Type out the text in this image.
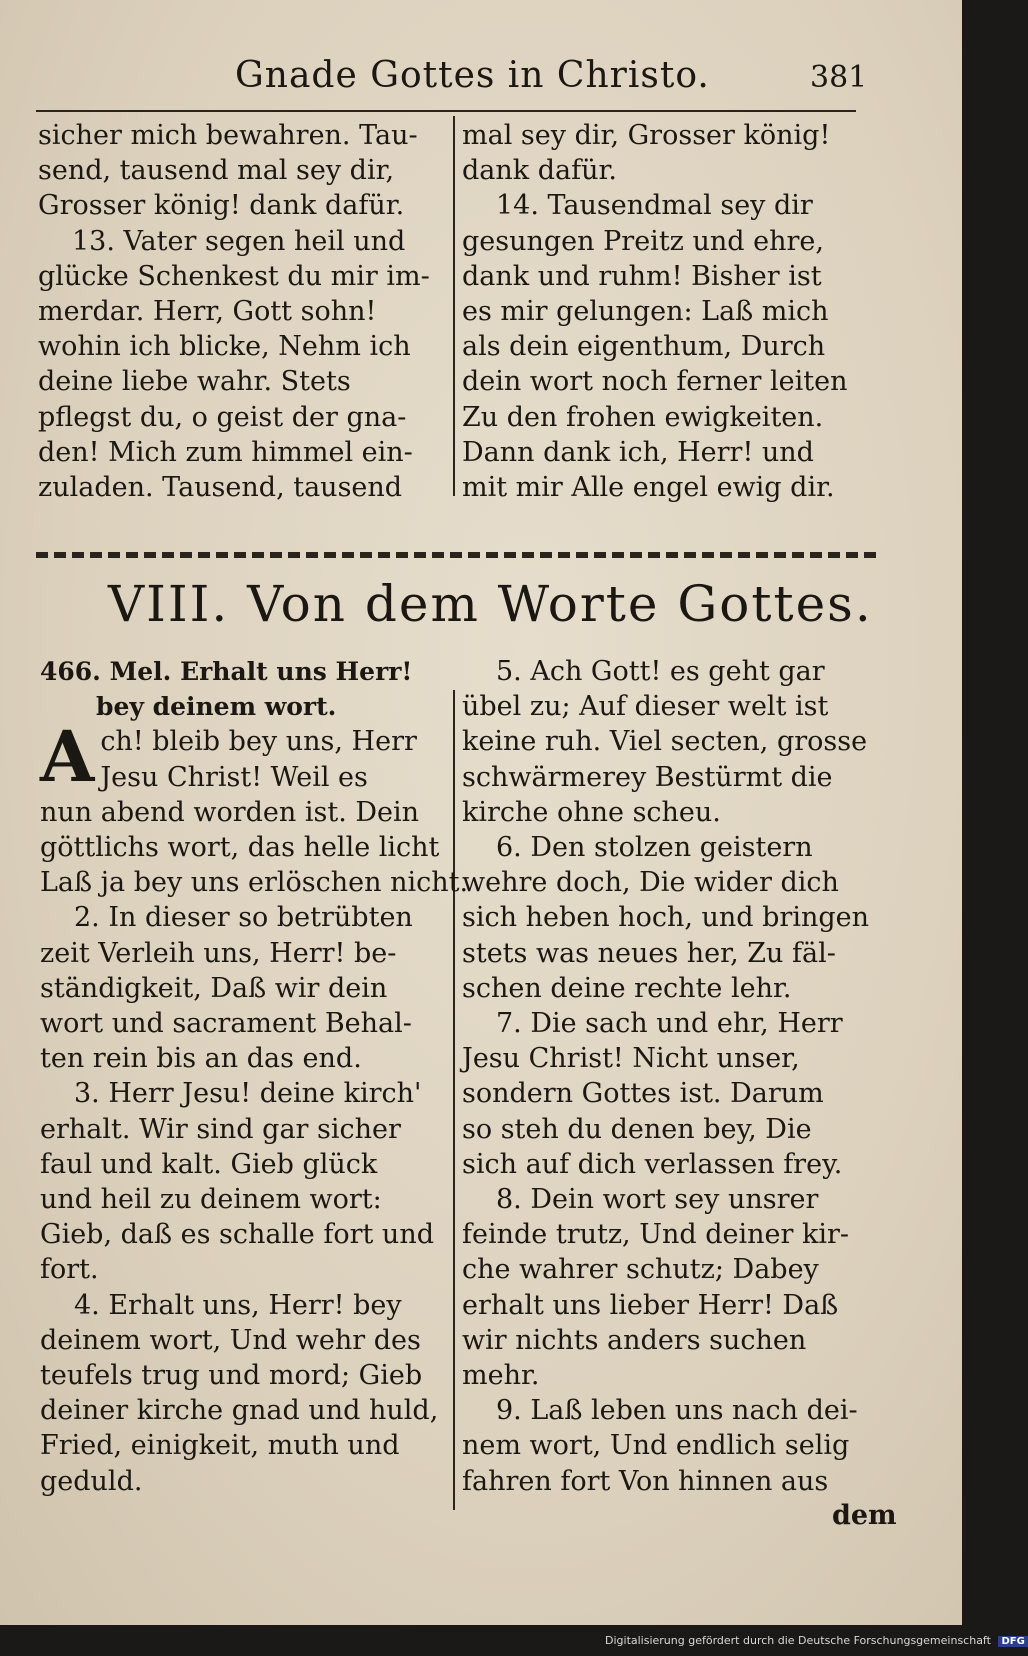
Gnade Gottes in Christo.	381

sicher mich bewahren. Tau-

send, tausend mal sey dir,

Grosser könig! dank dafür.

13. Vater segen heil und

glücke Schenkest du mir im-

merdar. Herr, Gott sohn!

wohin ich blicke, Nehm ich

deine liebe wahr. Stets

pflegst du, o geist der gna-

den! Mich zum himmel ein-

zuladen. Tausend, tausend

mal sey dir, Grosser könig!

dank dafür.

14. Tausendmal sey dir

gesungen Preitz und ehre,

dank und ruhm! Bisher ist

es mir gelungen: Laß mich

als dein eigenthum, Durch

dein wort noch ferner leiten

Zu den frohen ewigkeiten.

Dann dank ich, Herr! und

mit mir Alle engel ewig dir.

VIII. Von dem Worte Gottes.

466. Mel. Erhalt uns Herr!

bey deinem wort.

A ch! bleib bey uns, Herr

Jesu Christ! Weil es

nun abend worden ist. Dein

göttlichs wort, das helle licht

Laß ja bey uns erlöschen nicht.

2. In dieser so betrübten

zeit Verleih uns, Herr! be-

ständigkeit, Daß wir dein

wort und sacrament Behal-

ten rein bis an das end.

3. Herr Jesu! deine kirch'

erhalt. Wir sind gar sicher

faul und kalt. Gieb glück

und heil zu deinem wort:

Gieb, daß es schalle fort und

fort.

4. Erhalt uns, Herr! bey

deinem wort, Und wehr des

teufels trug und mord; Gieb

deiner kirche gnad und huld,

Fried, einigkeit, muth und

geduld.

5. Ach Gott! es geht gar

übel zu; Auf dieser welt ist

keine ruh. Viel secten, grosse

schwärmerey Bestürmt die

kirche ohne scheu.

6. Den stolzen geistern

wehre doch, Die wider dich

sich heben hoch, und bringen

stets was neues her, Zu fäl-

schen deine rechte lehr.

7. Die sach und ehr, Herr

Jesu Christ! Nicht unser,

sondern Gottes ist. Darum

so steh du denen bey, Die

sich auf dich verlassen frey.

8. Dein wort sey unsrer

feinde trutz, Und deiner kir-

che wahrer schutz; Dabey

erhalt uns lieber Herr! Daß

wir nichts anders suchen

mehr.

9. Laß leben uns nach dei-

nem wort, Und endlich selig

fahren fort Von hinnen aus

dem
Digitalisierung gefördert durch die Deutsche Forschungsgemeinschaft DFG
